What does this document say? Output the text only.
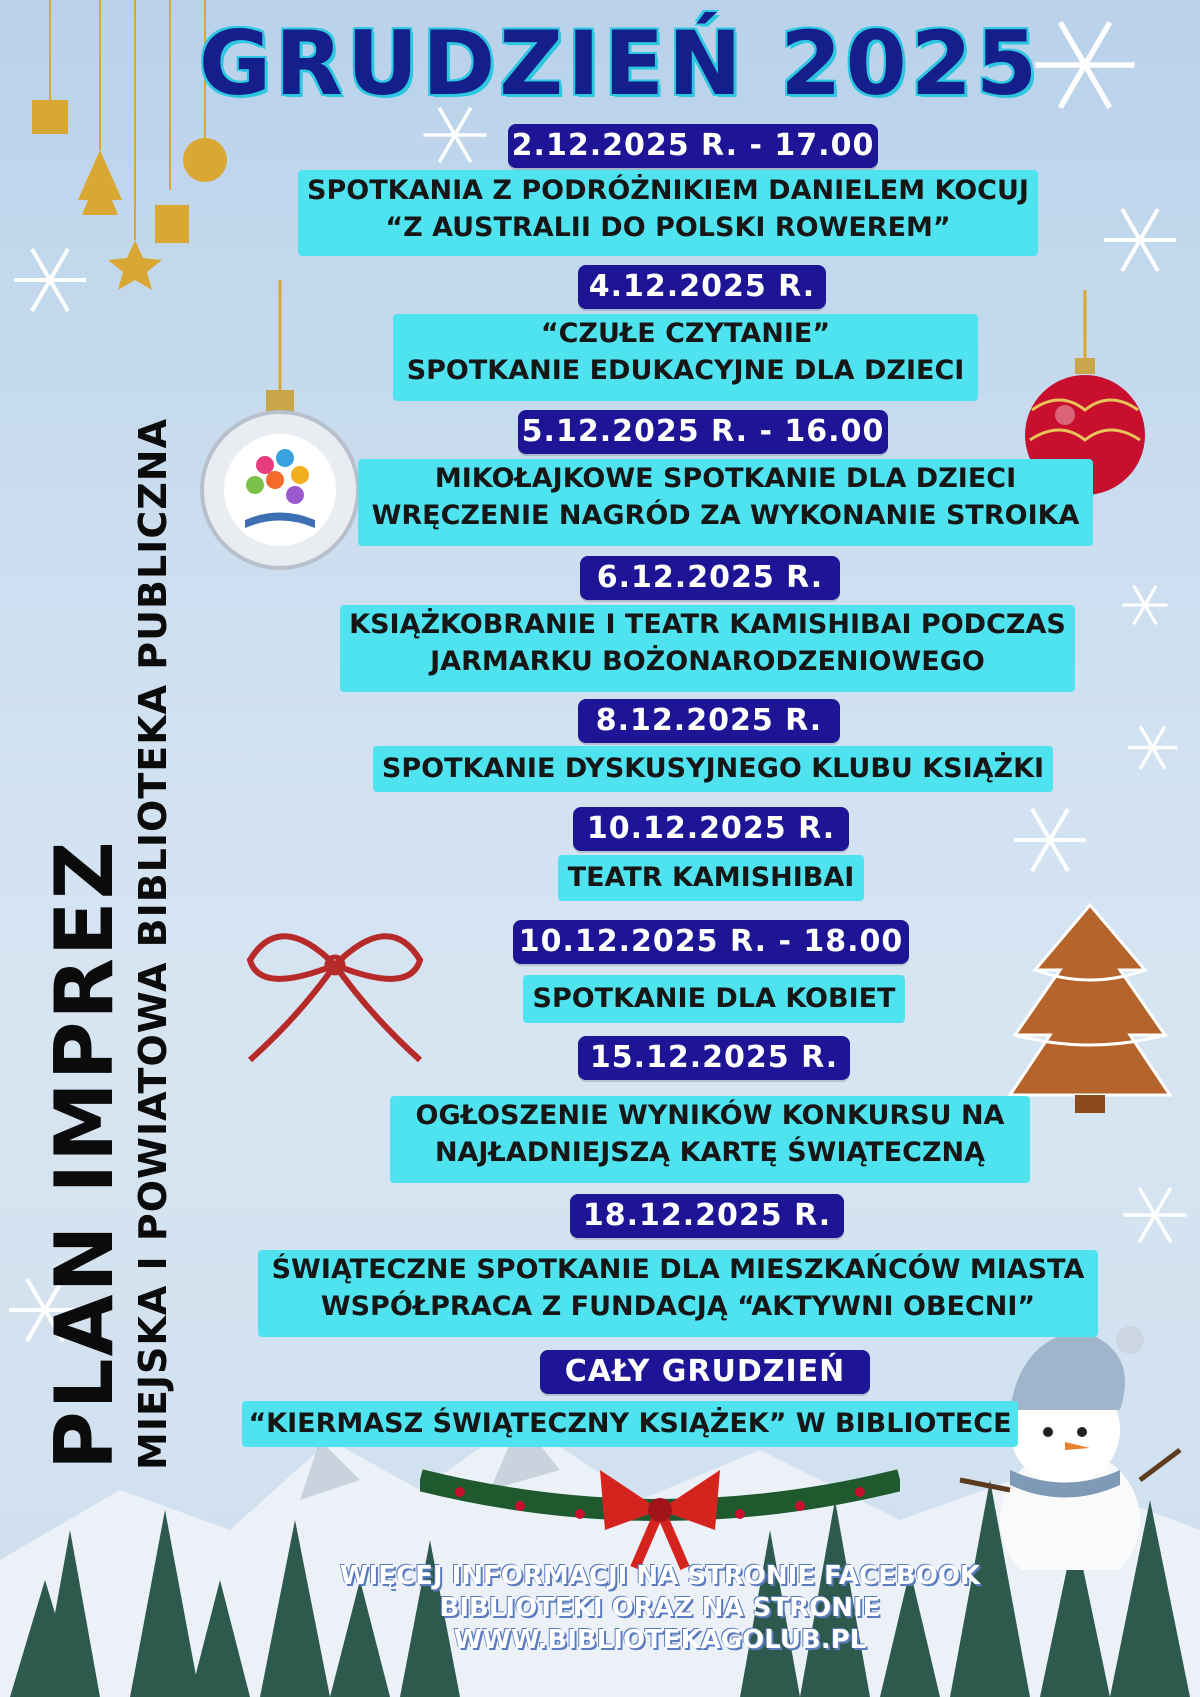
PLAN IMPREZ MIEJSKA I POWIATOWA BIBLIOTEKA PUBLICZNA
GRUDZIEŃ 2025
2.12.2025 R. - 17.00
SPOTKANIA Z PODRÓŻNIKIEM DANIELEM KOCUJ
“Z AUSTRALII DO POLSKI ROWEREM”
4.12.2025 R.
“CZUŁE CZYTANIE”
SPOTKANIE EDUKACYJNE DLA DZIECI
5.12.2025 R. - 16.00
MIKOŁAJKOWE SPOTKANIE DLA DZIECI
WRĘCZENIE NAGRÓD ZA WYKONANIE STROIKA
6.12.2025 R.
KSIĄŻKOBRANIE I TEATR KAMISHIBAI PODCZAS
JARMARKU BOŻONARODZENIOWEGO
8.12.2025 R.
SPOTKANIE DYSKUSYJNEGO KLUBU KSIĄŻKI
10.12.2025 R.
TEATR KAMISHIBAI
10.12.2025 R. - 18.00
SPOTKANIE DLA KOBIET
15.12.2025 R.
OGŁOSZENIE WYNIKÓW KONKURSU NA
NAJŁADNIEJSZĄ KARTĘ ŚWIĄTECZNĄ
18.12.2025 R.
ŚWIĄTECZNE SPOTKANIE DLA MIESZKAŃCÓW MIASTA
WSPÓŁPRACA Z FUNDACJĄ “AKTYWNI OBECNI”
CAŁY GRUDZIEŃ
“KIERMASZ ŚWIĄTECZNY KSIĄŻEK” W BIBLIOTECE
WIĘCEJ INFORMACJI NA STRONIE FACEBOOK
BIBLIOTEKI ORAZ NA STRONIE
WWW.BIBLIOTEKAGOLUB.PL
